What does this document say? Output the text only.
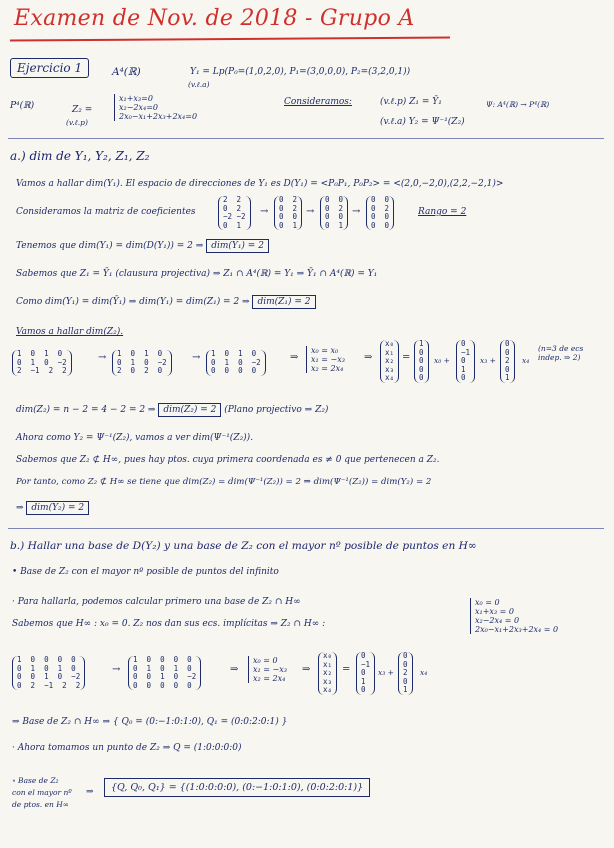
Examen de Nov. de 2018 - Grupo A
Ejercicio 1	A⁴(ℝ)	Y₁ = Lp(P₀=(1,0,2,0), P₁=(3,0,0,0), P₂=(3,2,0,1))
(v.ℓ.a)
P⁴(ℝ)	Z₂ =
(v.ℓ.p)
x₁+x₃=0
x₂−2x₄=0
2x₀−x₁+2x₃+2x₄=0
Consideramos:	(v.ℓ.p) Z₁ = Ȳ₁
(v.ℓ.a) Y₂ = Ψ⁻¹(Z₂)
Ψ: A⁴(ℝ) → P⁴(ℝ)
a.) dim de Y₁, Y₂, Z₁, Z₂
Vamos a hallar dim(Y₁). El espacio de direcciones de Y₁ es D(Y₁) = <P₀P₁, P₀P₂> = <(2,0,−2,0),(2,2,−2,1)>
Consideramos la matriz de coeficientes
2  2
0  2
−2 −2
0  1
→
0  2
0  2
0  0
0  1
→
0  0
0  2
0  0
0  1
→
0  0
0  2
0  0
0  0
Rango = 2
Tenemos que dim(Y₁) = dim(D(Y₁)) = 2 ⇒ dim(Y₁) = 2
Sabemos que Z₁ = Ȳ₁ (clausura projectiva) ⇒ Z₁ ∩ A⁴(ℝ) = Y₁ ⇒ Ȳ₁ ∩ A⁴(ℝ) = Y₁
Como dim(Y₁) = dim(Ȳ₁) ⇒ dim(Y₁) = dim(Z₁) = 2 ⇒ dim(Z₁) = 2
Vamos a hallar dim(Z₂).
1  0  1  0
0  1  0  −2
2  −1  2  2
→	1  0  1  0
0  1  0  −2
2  0  2  0
→	1  0  1  0
0  1  0  −2
0  0  0  0
⇒
x₀ = x₀
x₁ = −x₃
x₂ = 2x₄
⇒
x₀
x₁
x₂
x₃
x₄
=
1
0
0
0
0
x₀ +
0
−1
0
1
0
x₃ +
0
0
2
0
1
x₄
(n=3 de ecs indep. ⇒ 2)
dim(Z₂) = n − 2 = 4 − 2 = 2 ⇒ dim(Z₂) = 2 (Plano projectivo ⇒ Z₂)
Ahora como Y₂ = Ψ⁻¹(Z₂), vamos a ver dim(Ψ⁻¹(Z₂)).
Sabemos que Z₂ ⊄ H∞, pues hay ptos. cuya primera coordenada es ≠ 0 que pertenecen a Z₂.
Por tanto, como Z₂ ⊄ H∞ se tiene que dim(Z₂) = dim(Ψ⁻¹(Z₂)) = 2 ⇒ dim(Ψ⁻¹(Z₂)) = dim(Y₂) = 2
⇒ dim(Y₂) = 2
b.) Hallar una base de D(Y₂) y una base de Z₂ con el mayor nº posible de puntos en H∞
• Base de Z₂ con el mayor nº posible de puntos del infinito
· Para hallarla, podemos calcular primero una base de Z₂ ∩ H∞
Sabemos que H∞ : x₀ = 0. Z₂ nos dan sus ecs. implícitas ⇒ Z₂ ∩ H∞ :
x₀ = 0
x₁+x₃ = 0
x₂−2x₄ = 0
2x₀−x₁+2x₃+2x₄ = 0
1  0  0  0  0
0  1  0  1  0
0  0  1  0  −2
0  2  −1  2  2
→
1  0  0  0  0
0  1  0  1  0
0  0  1  0  −2
0  0  0  0  0
⇒
x₀ = 0
x₁ = −x₃
x₂ = 2x₄
⇒
x₀
x₁
x₂
x₃
x₄
=
0
−1
0
1
0
x₃ +
0
0
2
0
1
x₄
⇒ Base de Z₂ ∩ H∞ ⇒ { Q₀ = (0:−1:0:1:0), Q₁ = (0:0:2:0:1) }
· Ahora tomamos un punto de Z₂ ⇒ Q = (1:0:0:0:0)
∘ Base de Z₂
con el mayor nº
de ptos. en H∞
⇒	{Q, Q₀, Q₁} = {(1:0:0:0:0), (0:−1:0:1:0), (0:0:2:0:1)}
